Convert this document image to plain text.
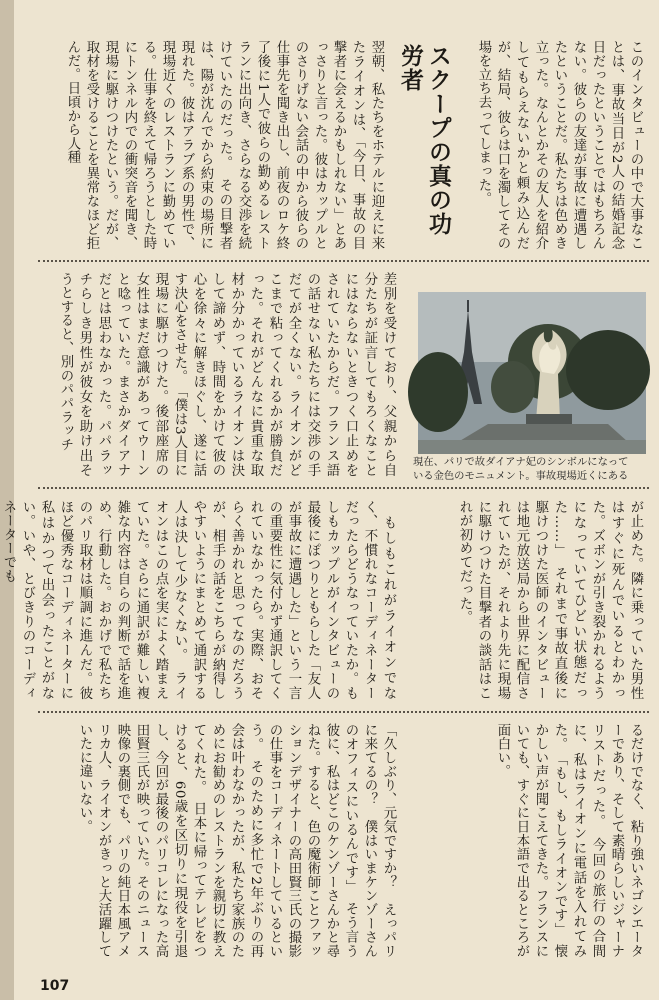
このインタビューの中で大事なことは、事故当日が2人の結婚記念日だったということではもちろんない。彼らの友達が事故に遭遇したということだ。私たちは色めき立った。なんとかその友人を紹介してもらえないかと頼み込んだが、結局、彼らは口を濁してその場を立ち去ってしまった。
翌朝、私たちをホテルに迎えに来たライオンは、「今日、事故の目撃者に会えるかもしれない」とあっさりと言った。彼はカップルとのさりげない会話の中から彼らの仕事先を聞き出し、前夜のロケ終了後に1人で彼らの勤めるレストランに出向き、さらなる交渉を続けていたのだった。　その目撃者は、陽が沈んでから約束の場所に現れた。彼はアラブ系の男性で、現場近くのレストランに勤めている。仕事を終えて帰ろうとした時にトンネル内での衝突音を聞き、現場に駆けつけたという。だが、取材を受けることを異常なほど拒んだ。日頃から人種	スクープの真の功労者
差別を受けており、父親から自分たちが証言してもろくなことにはならないときつく口止めをされていたからだ。フランス語の話せない私たちには交渉の手だてが全くない。ライオンがどこまで粘ってくれるかが勝負だった。それがどんなに貴重な取材か分かっているライオンは決して諦めず、時間をかけて彼の心を徐々に解きほぐし、遂に話す決心をさせた。　「僕は3人目に現場に駆けつけた。後部座席の女性はまだ意識があってウーンと唸っていた。まさかダイアナだとは思わなかった。パパラッチらしき男性が彼女を助け出そうとすると、別のパパラッチ
現在、パリで故ダイアナ妃のシンボルになって
いる金色のモニュメント。事故現場近くにある
が止めた。隣に乗っていた男性はすぐに死んでいるとわかった。ズボンが引き裂かれるようになっていてひどい状態だった……」　それまで事故直後に駆けつけた医師のインタビューは地元放送局から世界に配信されていたが、それより先に現場に駆けつけた目撃者の談話はこれが初めてだった。
　もしもこれがライオンでなく、不慣れなコーディネーターだったらどうなっていたか。もしもカップルがインタビューの最後にぽつりともらした「友人が事故に遭遇した」という一言の重要性に気付かず通訳してくれていなかったら。実際、おそらく善かれと思ってなのだろうが、相手の話をこちらが納得しやすいようにまとめて通訳する人は決して少なくない。　ライオンはこの点を実によく踏まえていた。さらに通訳が難しい複雑な内容は自らの判断で話を進め、行動した。おかげで私たちのパリ取材は順調に進んだ。彼ほど優秀なコーディネーターに私はかつて出会ったことがない。いや、とびきりのコーディネーターでも
るだけでなく、粘り強いネゴシエーターであり、そして素晴らしいジャーナリストだった。　今回の旅行の合間に、私はライオンに電話を入れてみた。　「もし、もしライオンです」　懐かしい声が聞こえてきた。フランスにいても、すぐに日本語で出るところが面白い。
「久しぶり、元気ですか？　えっパリに来てるの？　僕はいまケンゾーさんのオフィスにいるんです」　そう言う彼に、私はどこのケンゾーさんかと尋ねた。すると、色の魔術師ことファッションデザイナーの高田賢三氏の撮影の仕事をコーディネートしているという。　そのために多忙で2年ぶりの再会は叶わなかったが、私たち家族のためにお勧めのレストランを親切に教えてくれた。　日本に帰ってテレビをつけると、60歳を区切りに現役を引退し、今回が最後のパリコレになった高田賢三氏が映っていた。そのニュース映像の裏側でも、パリの純日本風アメリカ人、ライオンがきっと大活躍していたに違いない。
107
